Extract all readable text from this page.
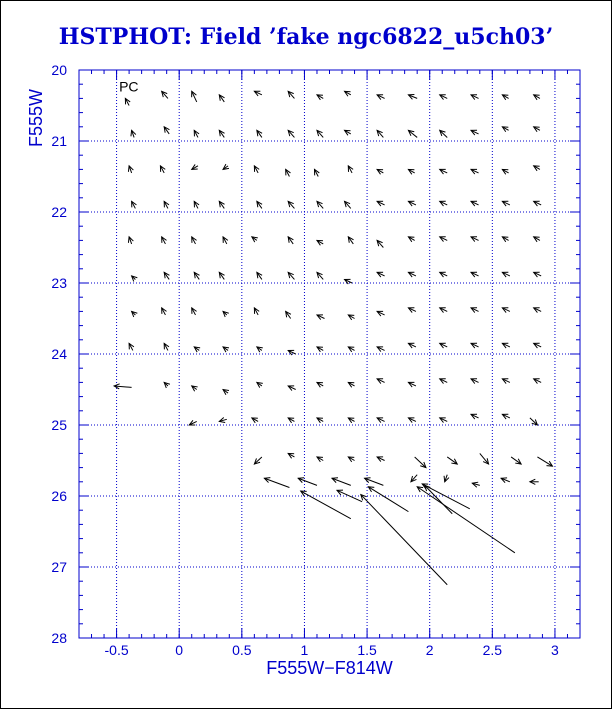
HSTPHOT: Field ’fake ngc6822_u5ch03’
-0.5	0	0.5	1	1.5	2	2.5	3
20
21
22
23
24
25
26
27
28
PC
F555W−F814W
F555W
